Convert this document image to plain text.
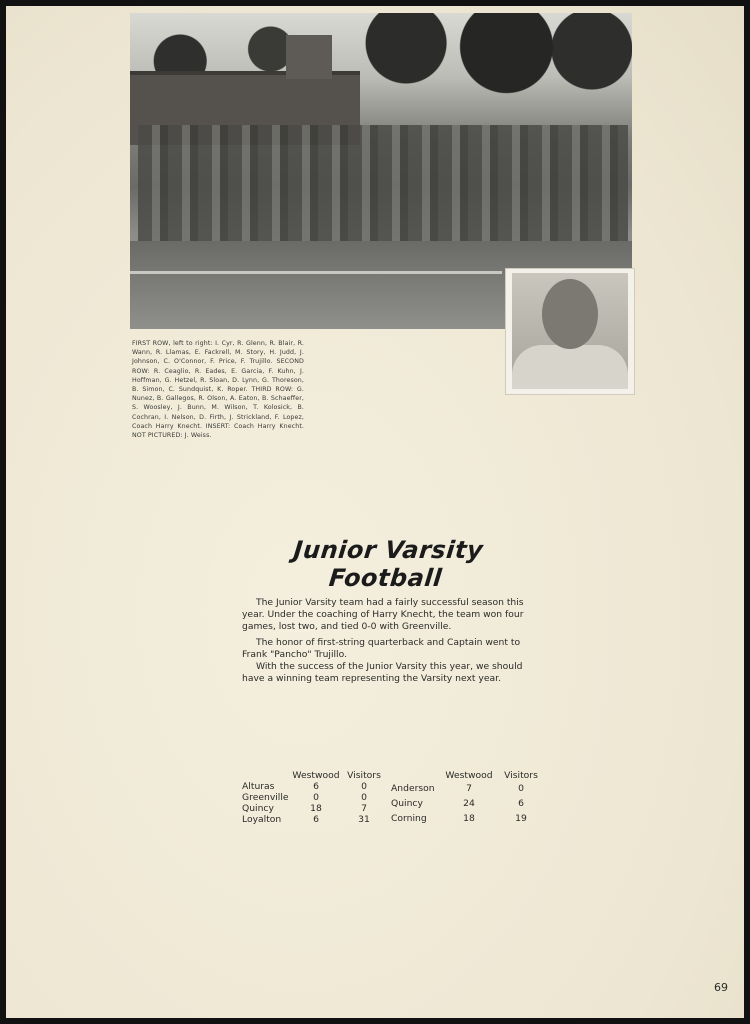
FIRST ROW, left to right: I. Cyr, R. Glenn, R. Blair, R. Wann, R. Llamas, E. Fackrell, M. Story, H. Judd, J. Johnson, C. O'Connor, F. Price, F. Trujillo. SECOND ROW: R. Ceaglio, R. Eades, E. Garcia, F. Kuhn, J. Hoffman, G. Hetzel, R. Sloan, D. Lynn, G. Thoreson, B. Simon, C. Sundquist, K. Roper. THIRD ROW: G. Nunez, B. Gallegos, R. Olson, A. Eaton, B. Schaeffer, S. Woosley, J. Bunn, M. Wilson, T. Kolosick, B. Cochran, I. Nelson, D. Firth, J. Strickland, F. Lopez, Coach Harry Knecht. INSERT: Coach Harry Knecht. NOT PICTURED: J. Weiss.
Junior Varsity Football

The Junior Varsity team had a fairly successful season this year. Under the coaching of Harry Knecht, the team won four games, lost two, and tied 0-0 with Greenville.

The honor of first-string quarterback and Captain went to Frank "Pancho" Trujillo.

With the success of the Junior Varsity this year, we should have a winning team representing the Varsity next year.

	Westwood	Visitors
Alturas	6	0
Greenville	0	0
Quincy	18	7
Loyalton	6	31
	Westwood	Visitors
Anderson	7	0
Quincy	24	6
Corning	18	19
69
